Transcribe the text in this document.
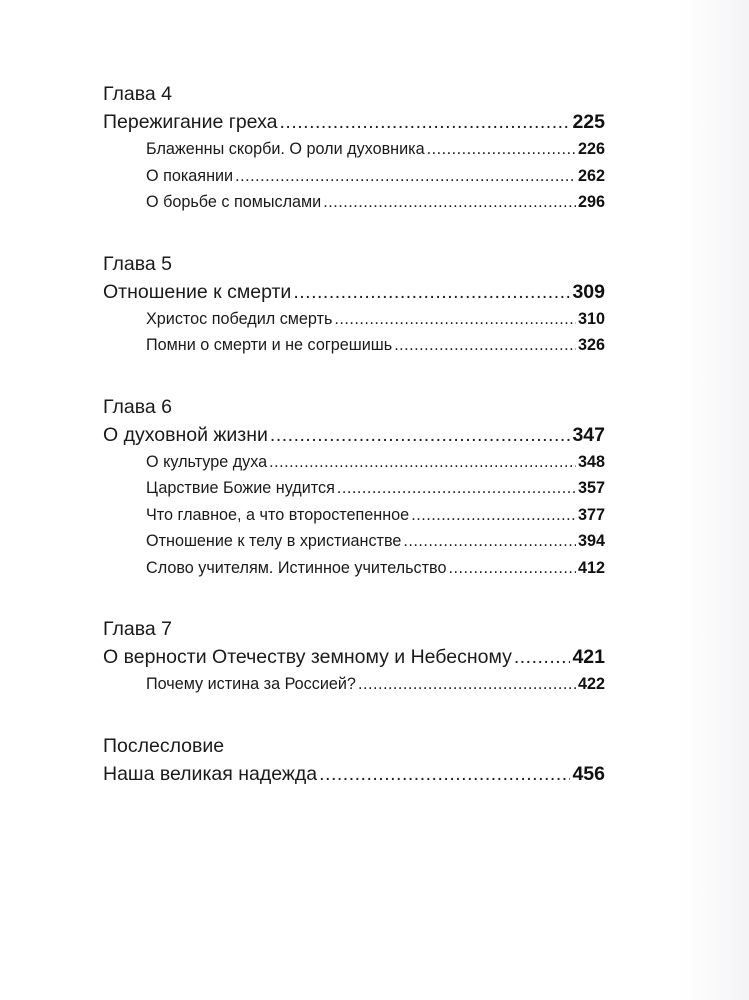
Глава 4
Пережигание греха .....	225
Блаженны скорби. О роли духовника .....	226
О покаянии .....	262
О борьбе с помыслами .....	296
Глава 5
Отношение к смерти .....	309
Христос победил смерть .....	310
Помни о смерти и не согрешишь .....	326
Глава 6
О духовной жизни .....	347
О культуре духа .....	348
Царствие Божие нудится .....	357
Что главное, а что второстепенное .....	377
Отношение к телу в христианстве .....	394
Слово учителям. Истинное учительство .....	412
Глава 7
О верности Отечеству земному и Небесному .....	421
Почему истина за Россией? .....	422
Послесловие
Наша великая надежда .....	456
